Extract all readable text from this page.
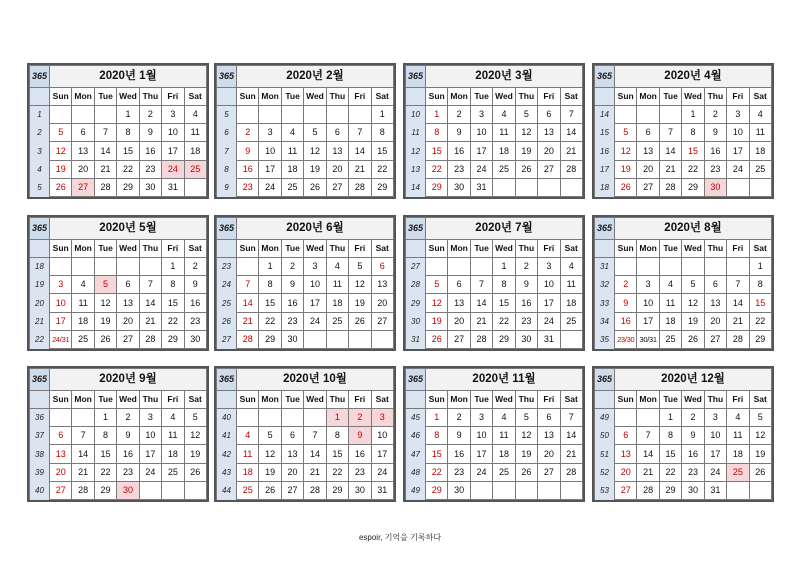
365	2020년 1월						
	Sun	Mon	Tue	Wed	Thu	Fri	Sat
1				1	2	3	4
2	5	6	7	8	9	10	11
3	12	13	14	15	16	17	18
4	19	20	21	22	23	24	25
5	26	27	28	29	30	31	
365	2020년 2월						
	Sun	Mon	Tue	Wed	Thu	Fri	Sat
5							1
6	2	3	4	5	6	7	8
7	9	10	11	12	13	14	15
8	16	17	18	19	20	21	22
9	23	24	25	26	27	28	29
365	2020년 3월						
	Sun	Mon	Tue	Wed	Thu	Fri	Sat
10	1	2	3	4	5	6	7
11	8	9	10	11	12	13	14
12	15	16	17	18	19	20	21
13	22	23	24	25	26	27	28
14	29	30	31				
365	2020년 4월						
	Sun	Mon	Tue	Wed	Thu	Fri	Sat
14				1	2	3	4
15	5	6	7	8	9	10	11
16	12	13	14	15	16	17	18
17	19	20	21	22	23	24	25
18	26	27	28	29	30		
365	2020년 5월						
	Sun	Mon	Tue	Wed	Thu	Fri	Sat
18						1	2
19	3	4	5	6	7	8	9
20	10	11	12	13	14	15	16
21	17	18	19	20	21	22	23
22	24/31	25	26	27	28	29	30
365	2020년 6월						
	Sun	Mon	Tue	Wed	Thu	Fri	Sat
23		1	2	3	4	5	6
24	7	8	9	10	11	12	13
25	14	15	16	17	18	19	20
26	21	22	23	24	25	26	27
27	28	29	30				
365	2020년 7월						
	Sun	Mon	Tue	Wed	Thu	Fri	Sat
27				1	2	3	4
28	5	6	7	8	9	10	11
29	12	13	14	15	16	17	18
30	19	20	21	22	23	24	25
31	26	27	28	29	30	31	
365	2020년 8월						
	Sun	Mon	Tue	Wed	Thu	Fri	Sat
31							1
32	2	3	4	5	6	7	8
33	9	10	11	12	13	14	15
34	16	17	18	19	20	21	22
35	23/30	30/31	25	26	27	28	29
365	2020년 9월						
	Sun	Mon	Tue	Wed	Thu	Fri	Sat
36			1	2	3	4	5
37	6	7	8	9	10	11	12
38	13	14	15	16	17	18	19
39	20	21	22	23	24	25	26
40	27	28	29	30			
365	2020년 10월						
	Sun	Mon	Tue	Wed	Thu	Fri	Sat
40					1	2	3
41	4	5	6	7	8	9	10
42	11	12	13	14	15	16	17
43	18	19	20	21	22	23	24
44	25	26	27	28	29	30	31
365	2020년 11월						
	Sun	Mon	Tue	Wed	Thu	Fri	Sat
45	1	2	3	4	5	6	7
46	8	9	10	11	12	13	14
47	15	16	17	18	19	20	21
48	22	23	24	25	26	27	28
49	29	30					
365	2020년 12월						
	Sun	Mon	Tue	Wed	Thu	Fri	Sat
49			1	2	3	4	5
50	6	7	8	9	10	11	12
51	13	14	15	16	17	18	19
52	20	21	22	23	24	25	26
53	27	28	29	30	31		
espoir, 기억을 기록하다
